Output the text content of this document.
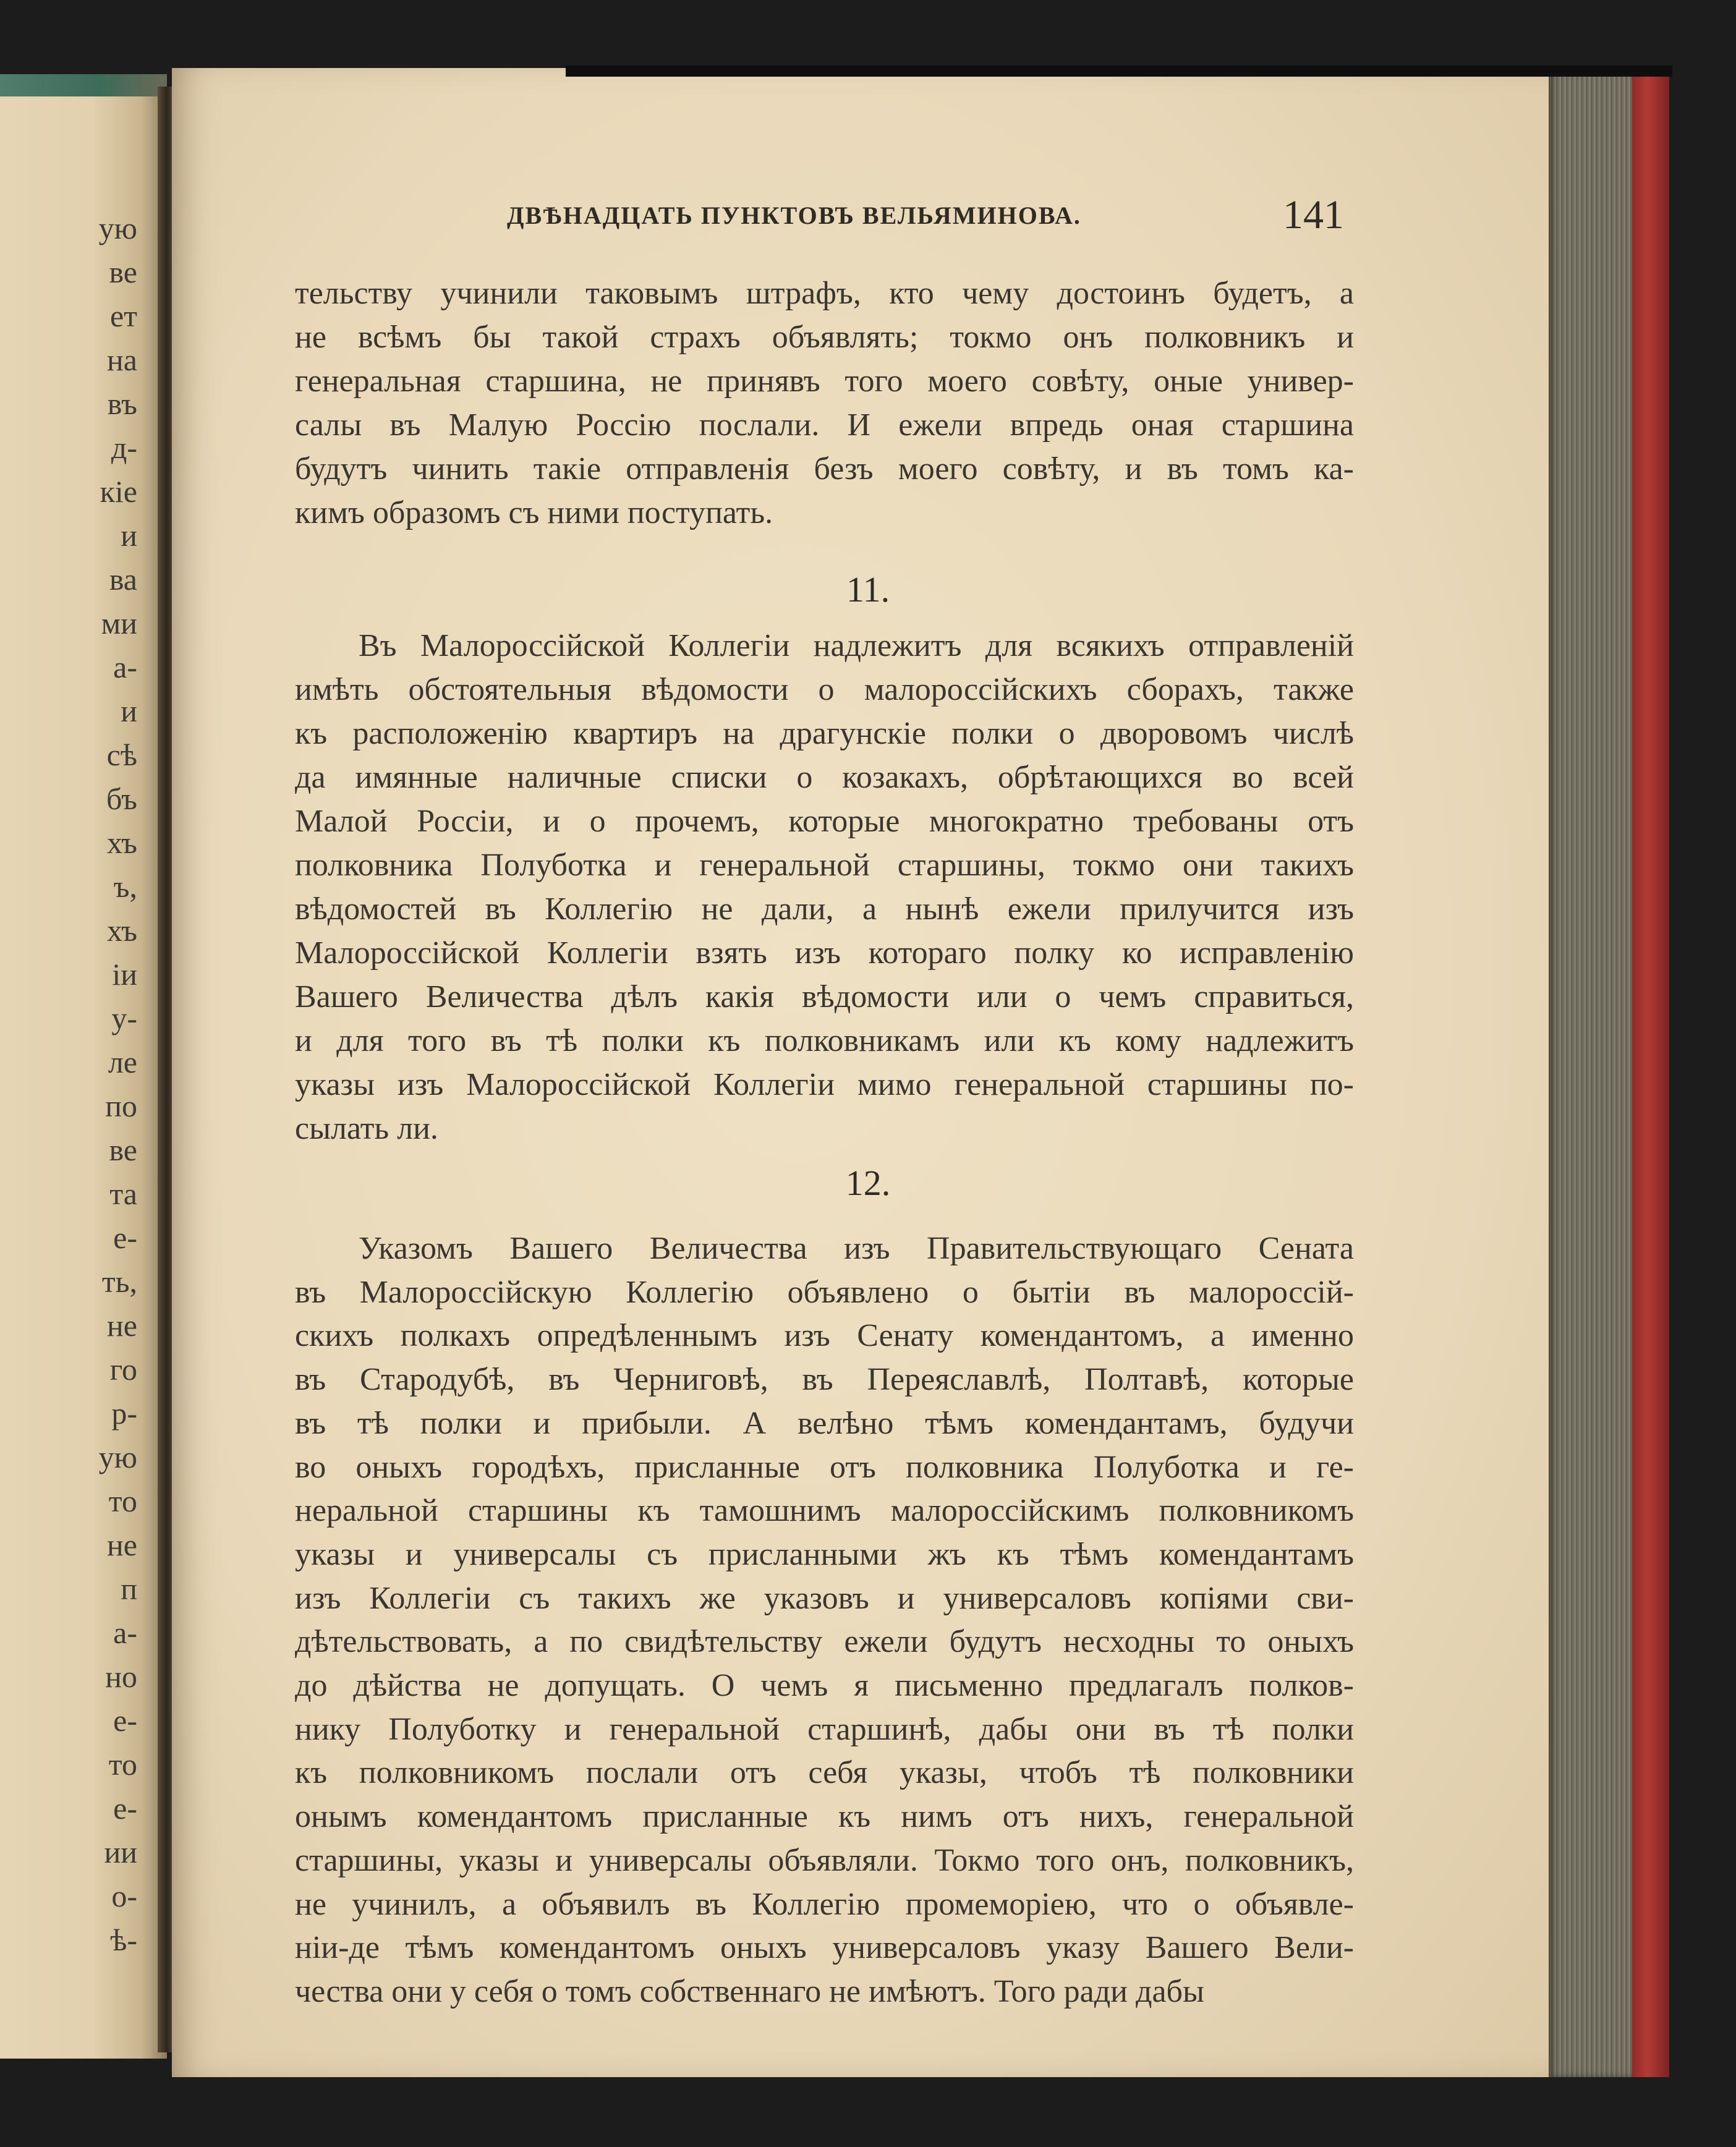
ую

ве

ет

на

въ

д-

кіе

и

ва

ми

а-

и

сѣ

бъ

хъ

ъ,

хъ

іи

у-

ле

по

ве

та

е-

ть,

не

го

р-

ую

то

не

п

а-

но

е-

то

е-

ии

о-

ѣ-

ДВѢНАДЦАТЬ ПУНКТОВЪ ВЕЛЬЯМИНОВА.	141

тельству учинили таковымъ штрафъ, кто чему достоинъ будетъ, а

не всѣмъ бы такой страхъ объявлять; токмо онъ полковникъ и

генеральная старшина, не принявъ того моего совѣту, оные универ-

салы въ Малую Россію послали. И ежели впредь оная старшина

будутъ чинить такіе отправленія безъ моего совѣту, и въ томъ ка-

кимъ образомъ съ ними поступать.

11.

Въ Малороссійской Коллегіи надлежитъ для всякихъ отправленій

имѣть обстоятельныя вѣдомости о малороссійскихъ сборахъ, также

къ расположенію квартиръ на драгунскіе полки о дворовомъ числѣ

да имянные наличные списки о козакахъ, обрѣтающихся во всей

Малой Россіи, и о прочемъ, которые многократно требованы отъ

полковника Полуботка и генеральной старшины, токмо они такихъ

вѣдомостей въ Коллегію не дали, а нынѣ ежели прилучится изъ

Малороссійской Коллегіи взять изъ котораго полку ко исправленію

Вашего Величества дѣлъ какія вѣдомости или о чемъ справиться,

и для того въ тѣ полки къ полковникамъ или къ кому надлежитъ

указы изъ Малороссійской Коллегіи мимо генеральной старшины по-

сылать ли.

12.

Указомъ Вашего Величества изъ Правительствующаго Сената

въ Малороссійскую Коллегію объявлено о бытіи въ малороссій-

скихъ полкахъ опредѣленнымъ изъ Сенату комендантомъ, а именно

въ Стародубѣ, въ Черниговѣ, въ Переяславлѣ, Полтавѣ, которые

въ тѣ полки и прибыли. А велѣно тѣмъ комендантамъ, будучи

во оныхъ городѣхъ, присланные отъ полковника Полуботка и ге-

неральной старшины къ тамошнимъ малороссійскимъ полковникомъ

указы и универсалы съ присланными жъ къ тѣмъ комендантамъ

изъ Коллегіи съ такихъ же указовъ и универсаловъ копіями сви-

дѣтельствовать, а по свидѣтельству ежели будутъ несходны то оныхъ

до дѣйства не допущать. О чемъ я письменно предлагалъ полков-

нику Полуботку и генеральной старшинѣ, дабы они въ тѣ полки

къ полковникомъ послали отъ себя указы, чтобъ тѣ полковники

онымъ комендантомъ присланные къ нимъ отъ нихъ, генеральной

старшины, указы и универсалы объявляли. Токмо того онъ, полковникъ,

не учинилъ, а объявилъ въ Коллегію промеморіею, что о объявле-

ніи-де тѣмъ комендантомъ оныхъ универсаловъ указу Вашего Вели-

чества они у себя о томъ собственнаго не имѣютъ. Того ради дабы
